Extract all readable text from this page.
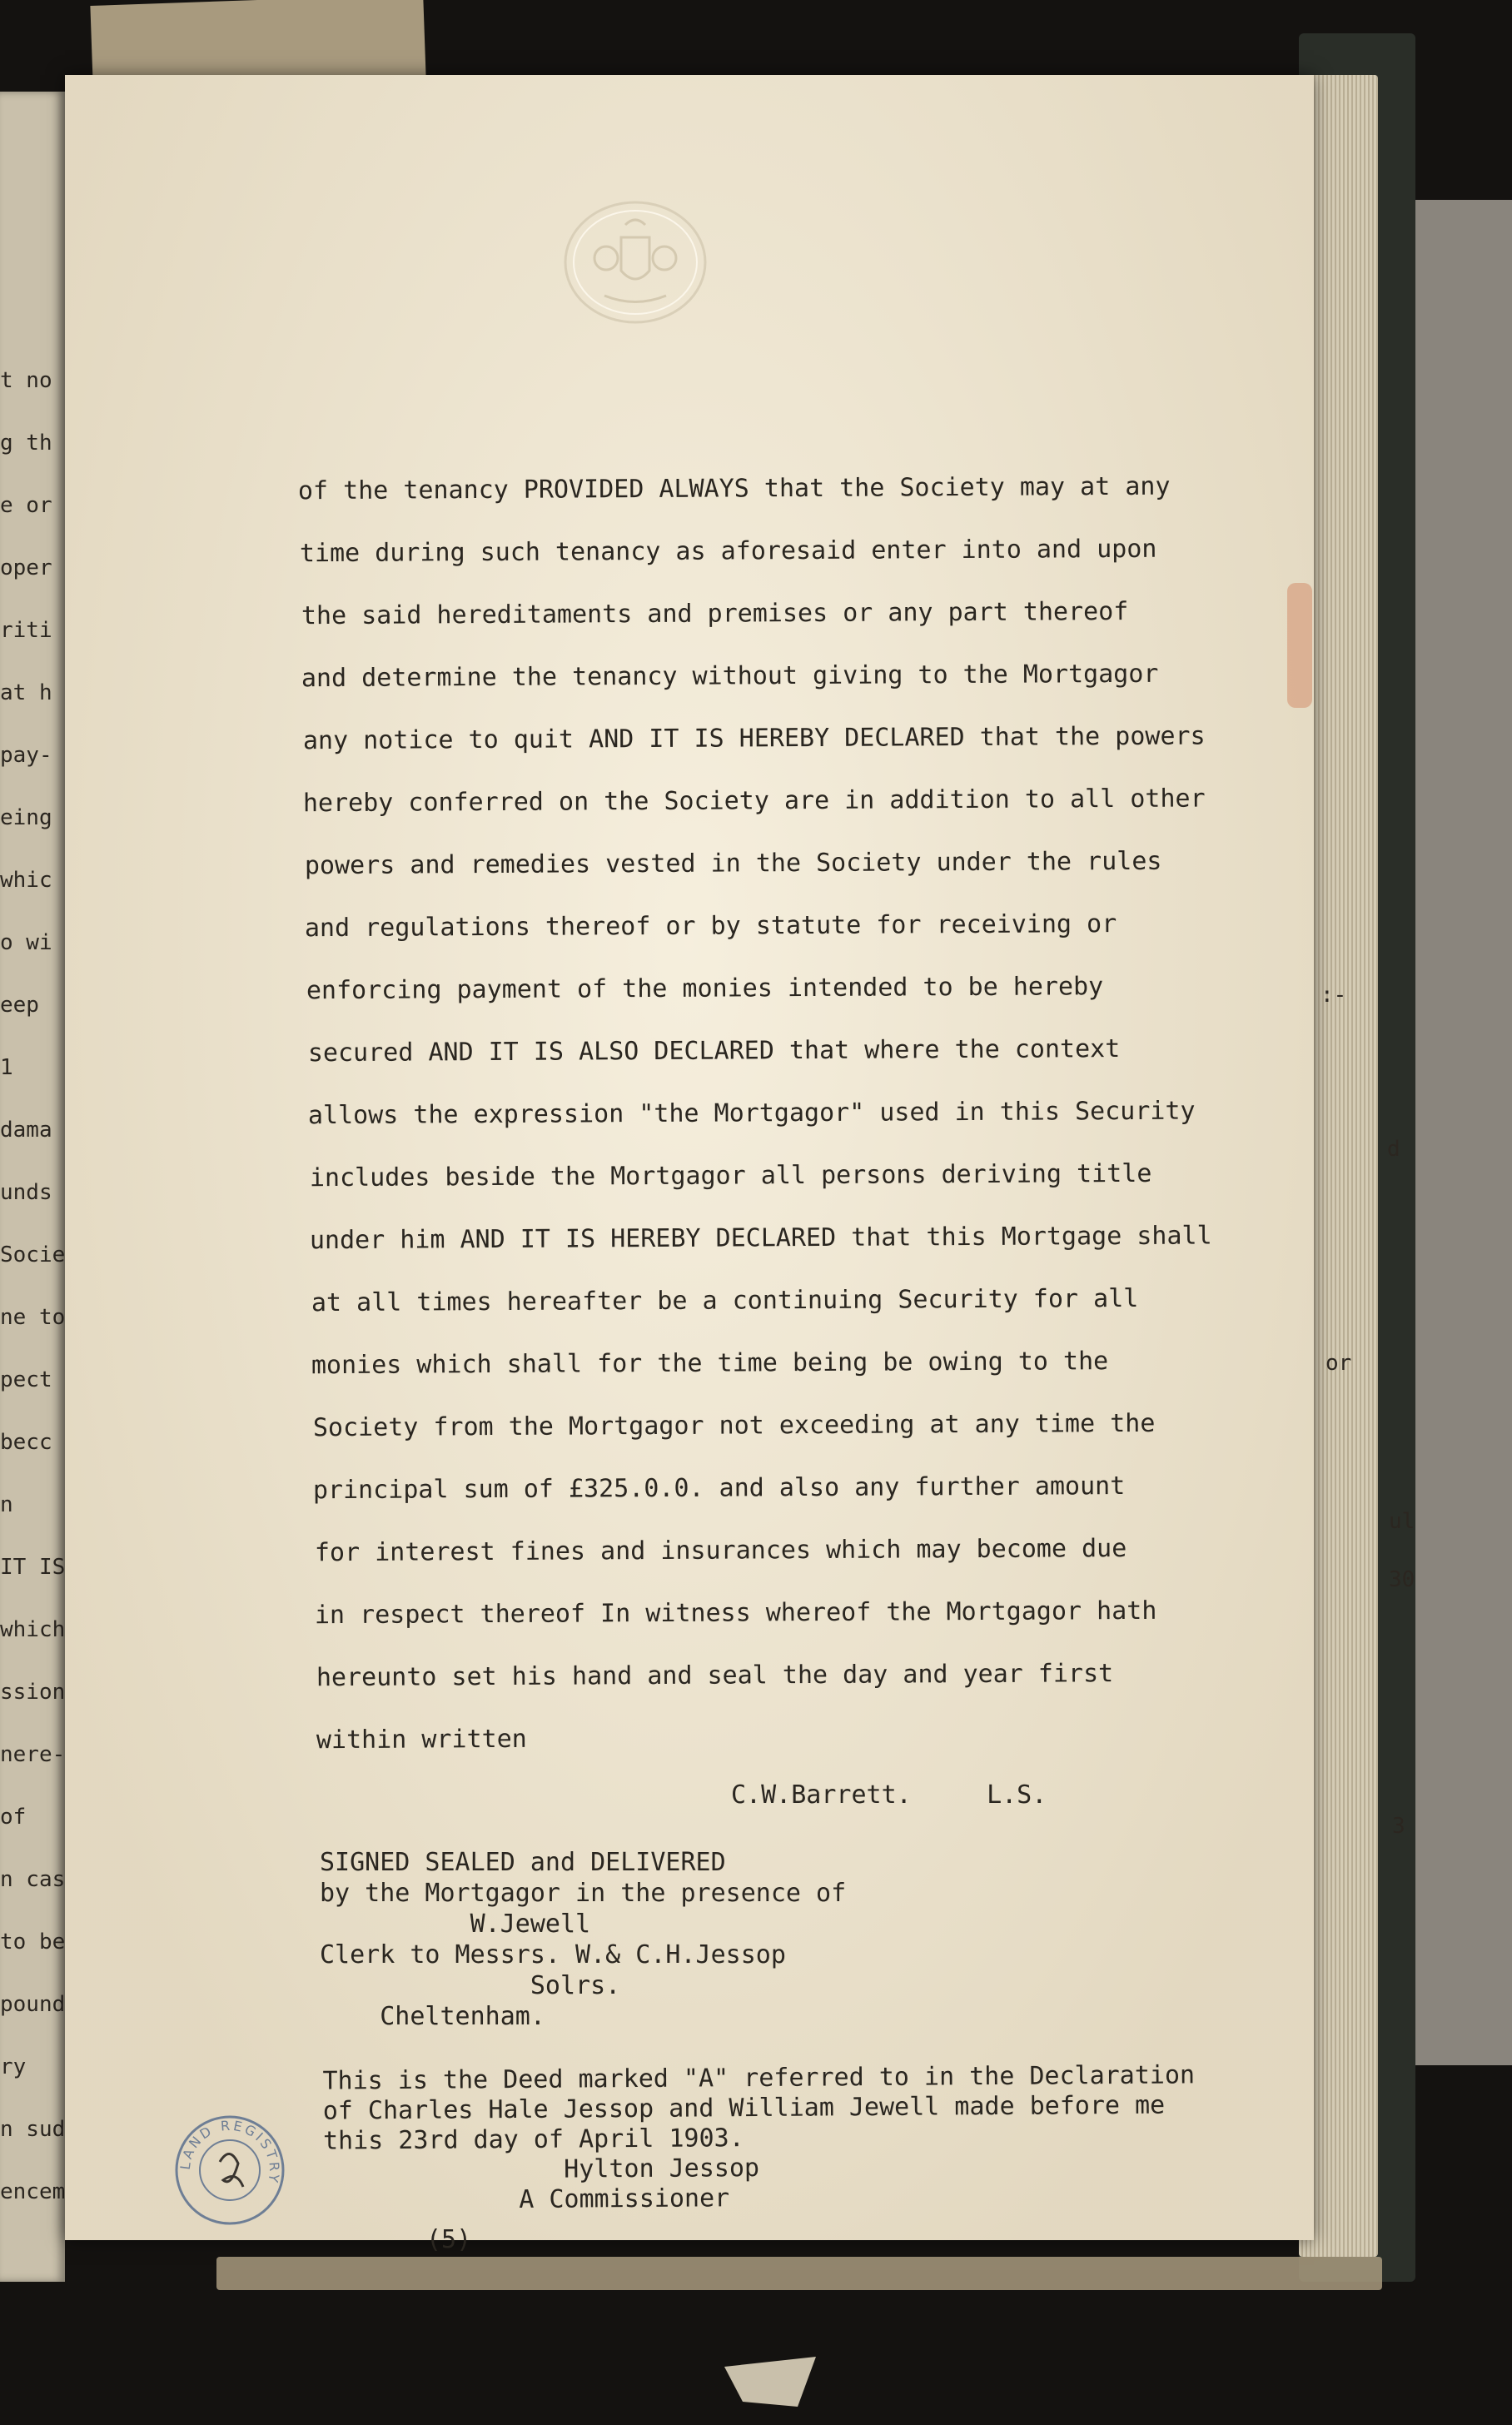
t no
g th
e or
oper
riti
at h
pay-
eing
whic
o wi
eep
1
dama
unds
Socie
ne to
pect
becc
n
IT IS
which
ssion
nere-
of
n cas
to be
pound
ry
n sud
encem
of the tenancy PROVIDED ALWAYS that the Society may at any
time during such tenancy as aforesaid enter into and upon
the said hereditaments and premises or any part thereof
and determine the tenancy without giving to the Mortgagor
any notice to quit AND IT IS HEREBY DECLARED that the powers
hereby conferred on the Society are in addition to all other
powers and remedies vested in the Society under the rules
and regulations thereof or by statute for receiving or
enforcing payment of the monies intended to be hereby
secured AND IT IS ALSO DECLARED that where the context
allows the expression "the Mortgagor" used in this Security
includes beside the Mortgagor all persons deriving title
under him AND IT IS HEREBY DECLARED that this Mortgage shall
at all times hereafter be a continuing Security for all
monies which shall for the time being be owing to the
Society from the Mortgagor not exceeding at any time the
principal sum of £325.0.0. and also any further amount
for interest fines and insurances which may become due
in respect thereof In witness whereof the Mortgagor hath
hereunto set his hand and seal the day and year first
within written
C.W.Barrett.	L.S.
SIGNED SEALED and DELIVERED
by the Mortgagor in the presence of
W.Jewell
Clerk to Messrs. W.& C.H.Jessop
Solrs.
Cheltenham.
This is the Deed marked "A" referred to in the Declaration
of Charles Hale Jessop and William Jewell made before me
this 23rd day of April 1903.
Hylton Jessop
A Commissioner
LAND REGISTRY
(5)
:-
d
or
ul
30
3
